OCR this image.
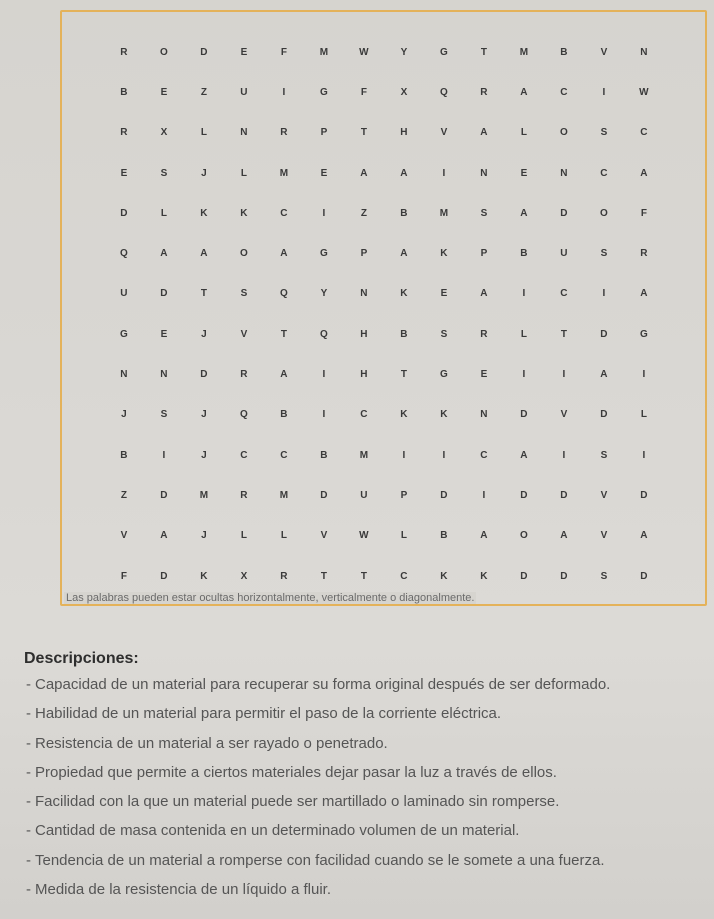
R	O	D	E	F	M	W	Y	G	T	M	B	V	N
B	E	Z	U	I	G	F	X	Q	R	A	C	I	W
R	X	L	N	R	P	T	H	V	A	L	O	S	C
E	S	J	L	M	E	A	A	I	N	E	N	C	A
D	L	K	K	C	I	Z	B	M	S	A	D	O	F
Q	A	A	O	A	G	P	A	K	P	B	U	S	R
U	D	T	S	Q	Y	N	K	E	A	I	C	I	A
G	E	J	V	T	Q	H	B	S	R	L	T	D	G
N	N	D	R	A	I	H	T	G	E	I	I	A	I
J	S	J	Q	B	I	C	K	K	N	D	V	D	L
B	I	J	C	C	B	M	I	I	C	A	I	S	I
Z	D	M	R	M	D	U	P	D	I	D	D	V	D
V	A	J	L	L	V	W	L	B	A	O	A	V	A
F	D	K	X	R	T	T	C	K	K	D	D	S	D
Las palabras pueden estar ocultas horizontalmente, verticalmente o diagonalmente.
Descripciones:
- Capacidad de un material para recuperar su forma original después de ser deformado.
- Habilidad de un material para permitir el paso de la corriente eléctrica.
- Resistencia de un material a ser rayado o penetrado.
- Propiedad que permite a ciertos materiales dejar pasar la luz a través de ellos.
- Facilidad con la que un material puede ser martillado o laminado sin romperse.
- Cantidad de masa contenida en un determinado volumen de un material.
- Tendencia de un material a romperse con facilidad cuando se le somete a una fuerza.
- Medida de la resistencia de un líquido a fluir.
